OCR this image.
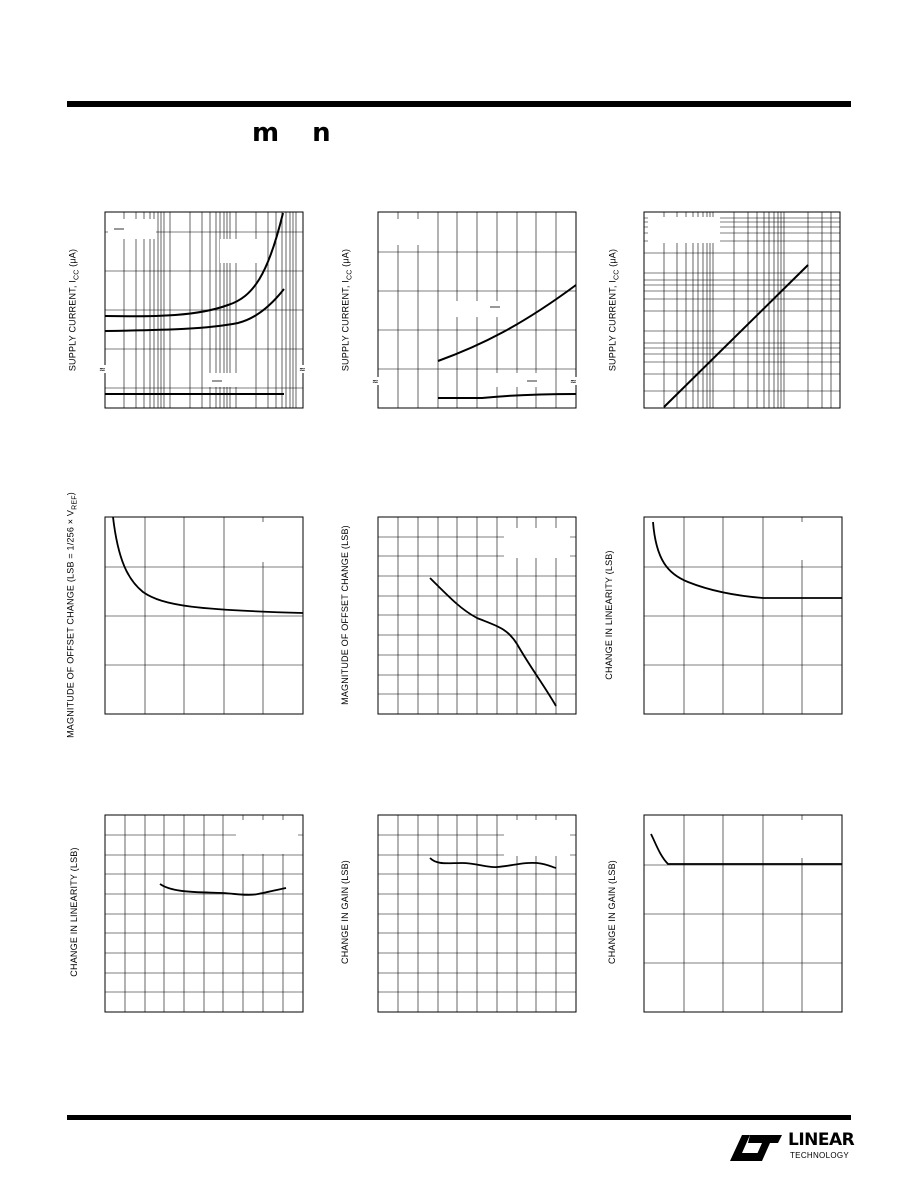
m n
SUPPLY CURRENT, $I_{CC}$ (μA)
SUPPLY CURRENT, $I_{CC}$ (μA)
SUPPLY CURRENT, $I_{CC}$ (μA)
MAGNITUDE OF OFFSET CHANGE $(LSB = 1/256 \times V_{REF})$
MAGNITUDE OF OFFSET CHANGE (LSB)	CHANGE IN LINEARITY (LSB)
CHANGE IN LINEARITY (LSB)	CHANGE IN GAIN (LSB)	CHANGE IN GAIN (LSB)
≈	≈
≈	≈
LINEAR
TECHNOLOGY
